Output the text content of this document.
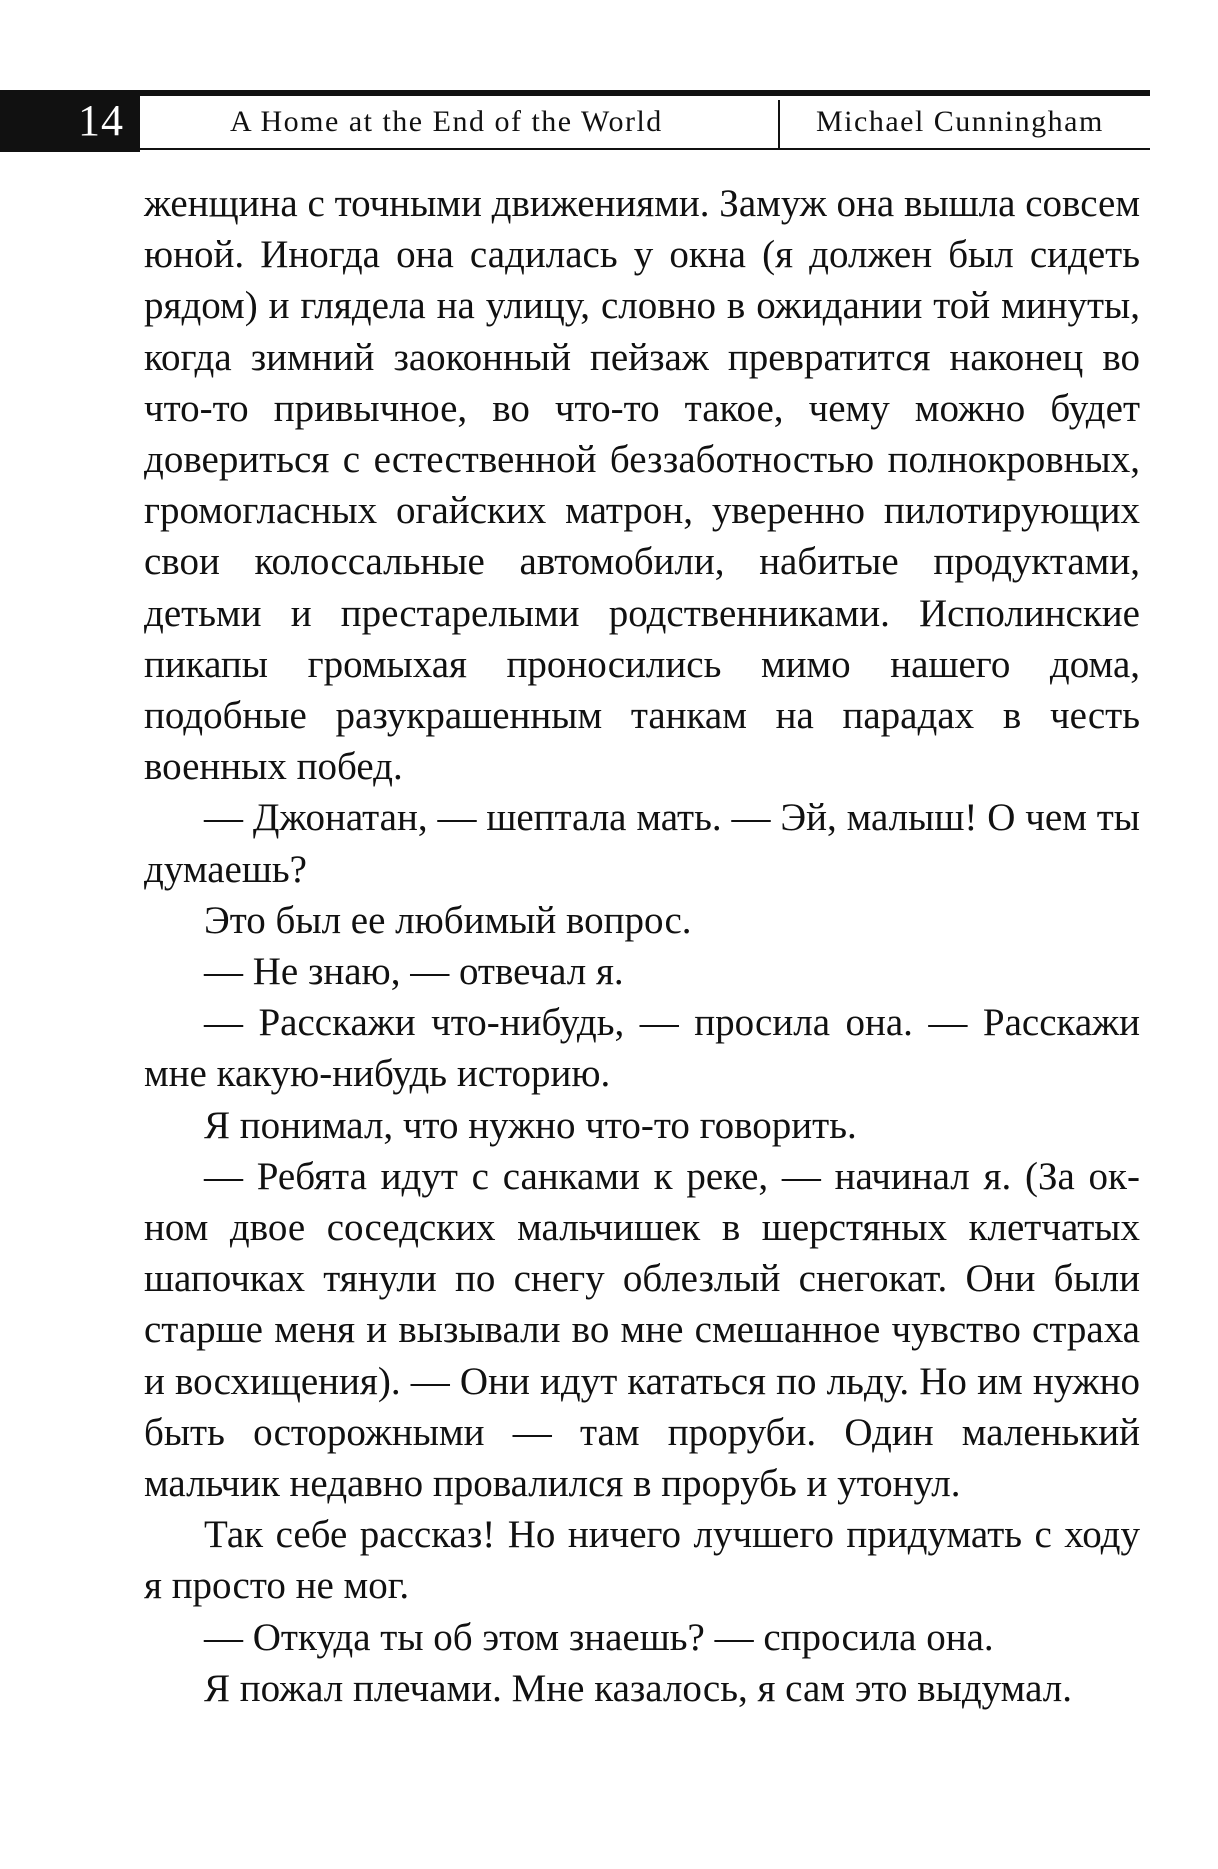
14	A Home at the End of the World	Michael Cunningham

женщина с точными движениями. Замуж она вышла совсем юной. Иногда она садилась у окна (я должен был сидеть рядом) и глядела на улицу, словно в ожидании той минуты, когда зимний заоконный пейзаж превратится наконец во что-то привычное, во что-то такое, чему можно будет довериться с естественной беззаботностью полнокровных, громогласных огайских матрон, уверенно пилотирующих свои колоссальные автомобили, набитые продуктами, детьми и престарелыми родственниками. Исполинские пикапы громыхая проносились мимо нашего дома, подобные разукрашенным танкам на парадах в честь военных побед.

— Джонатан, — шептала мать. — Эй, малыш! О чем ты думаешь?

Это был ее любимый вопрос.

— Не знаю, — отвечал я.

— Расскажи что-нибудь, — просила она. — Расскажи мне какую-нибудь историю.

Я понимал, что нужно что-то говорить.

— Ребята идут с санками к реке, — начинал я. (За окном двое соседских мальчишек в шерстяных клетчатых шапочках тянули по снегу облезлый снегокат. Они были старше меня и вызывали во мне смешанное чувство страха и восхищения). — Они идут кататься по льду. Но им нужно быть осторожными — там проруби. Один маленький мальчик недавно провалился в прорубь и утонул.

Так себе рассказ! Но ничего лучшего придумать с ходу я просто не мог.

— Откуда ты об этом знаешь? — спросила она.

Я пожал плечами. Мне казалось, я сам это выдумал.
